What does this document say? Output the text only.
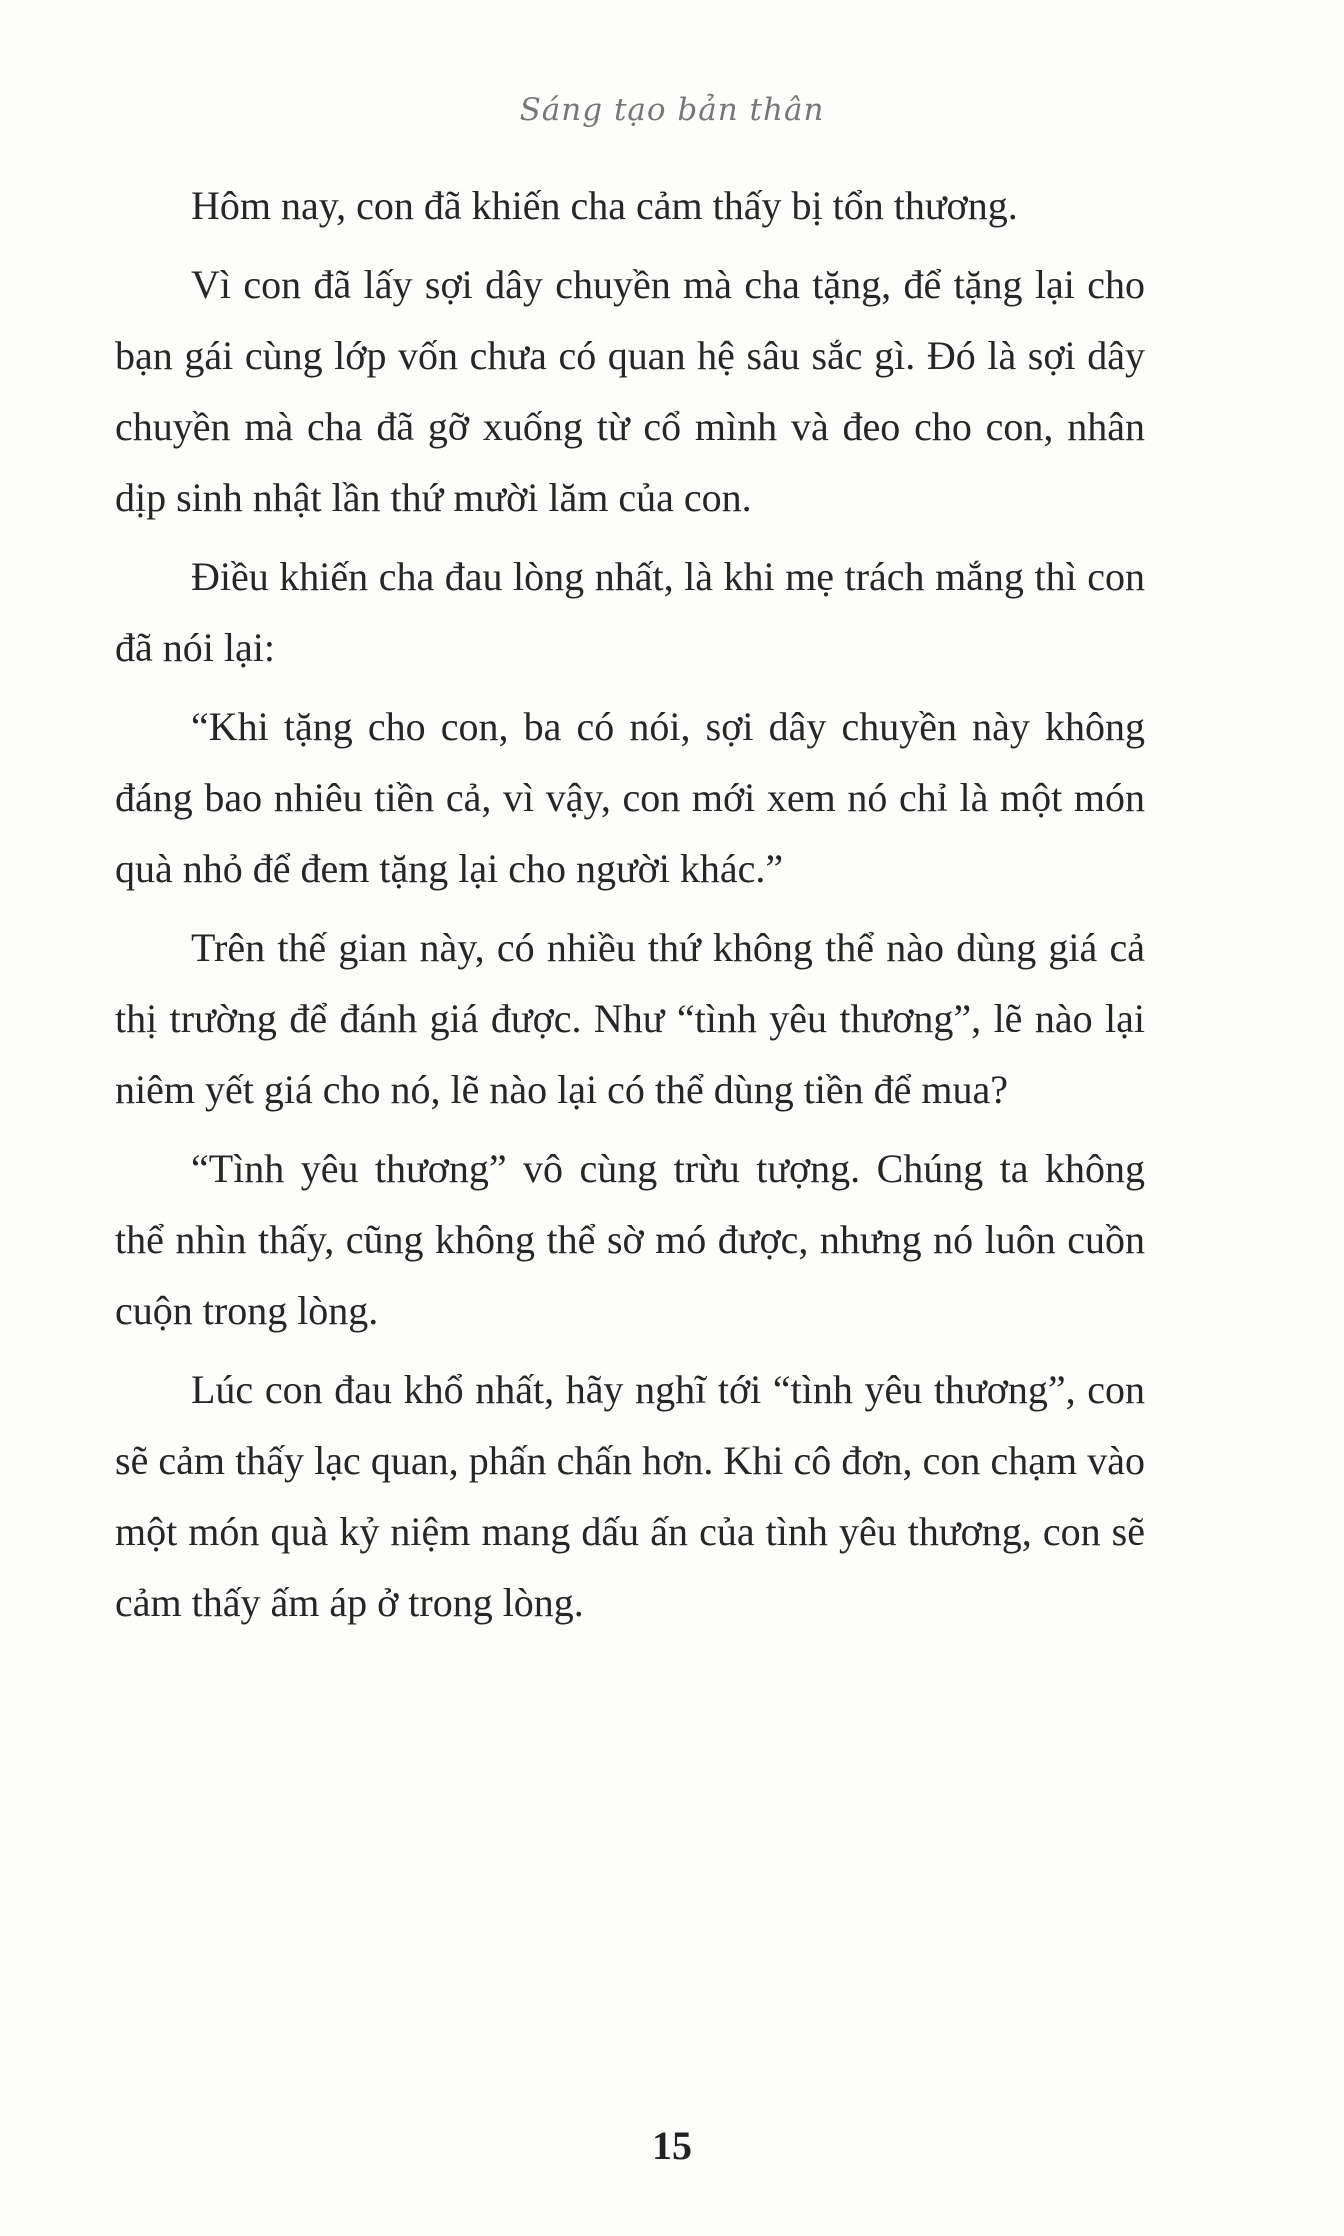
Sáng tạo bản thân

Hôm nay, con đã khiến cha cảm thấy bị tổn thương.

Vì con đã lấy sợi dây chuyền mà cha tặng, để tặng lại cho bạn gái cùng lớp vốn chưa có quan hệ sâu sắc gì. Đó là sợi dây chuyền mà cha đã gỡ xuống từ cổ mình và đeo cho con, nhân dịp sinh nhật lần thứ mười lăm của con.

Điều khiến cha đau lòng nhất, là khi mẹ trách mắng thì con đã nói lại:

“Khi tặng cho con, ba có nói, sợi dây chuyền này không đáng bao nhiêu tiền cả, vì vậy, con mới xem nó chỉ là một món quà nhỏ để đem tặng lại cho người khác.”

Trên thế gian này, có nhiều thứ không thể nào dùng giá cả thị trường để đánh giá được. Như “tình yêu thương”, lẽ nào lại niêm yết giá cho nó, lẽ nào lại có thể dùng tiền để mua?

“Tình yêu thương” vô cùng trừu tượng. Chúng ta không thể nhìn thấy, cũng không thể sờ mó được, nhưng nó luôn cuồn cuộn trong lòng.

Lúc con đau khổ nhất, hãy nghĩ tới “tình yêu thương”, con sẽ cảm thấy lạc quan, phấn chấn hơn. Khi cô đơn, con chạm vào một món quà kỷ niệm mang dấu ấn của tình yêu thương, con sẽ cảm thấy ấm áp ở trong lòng.

15
